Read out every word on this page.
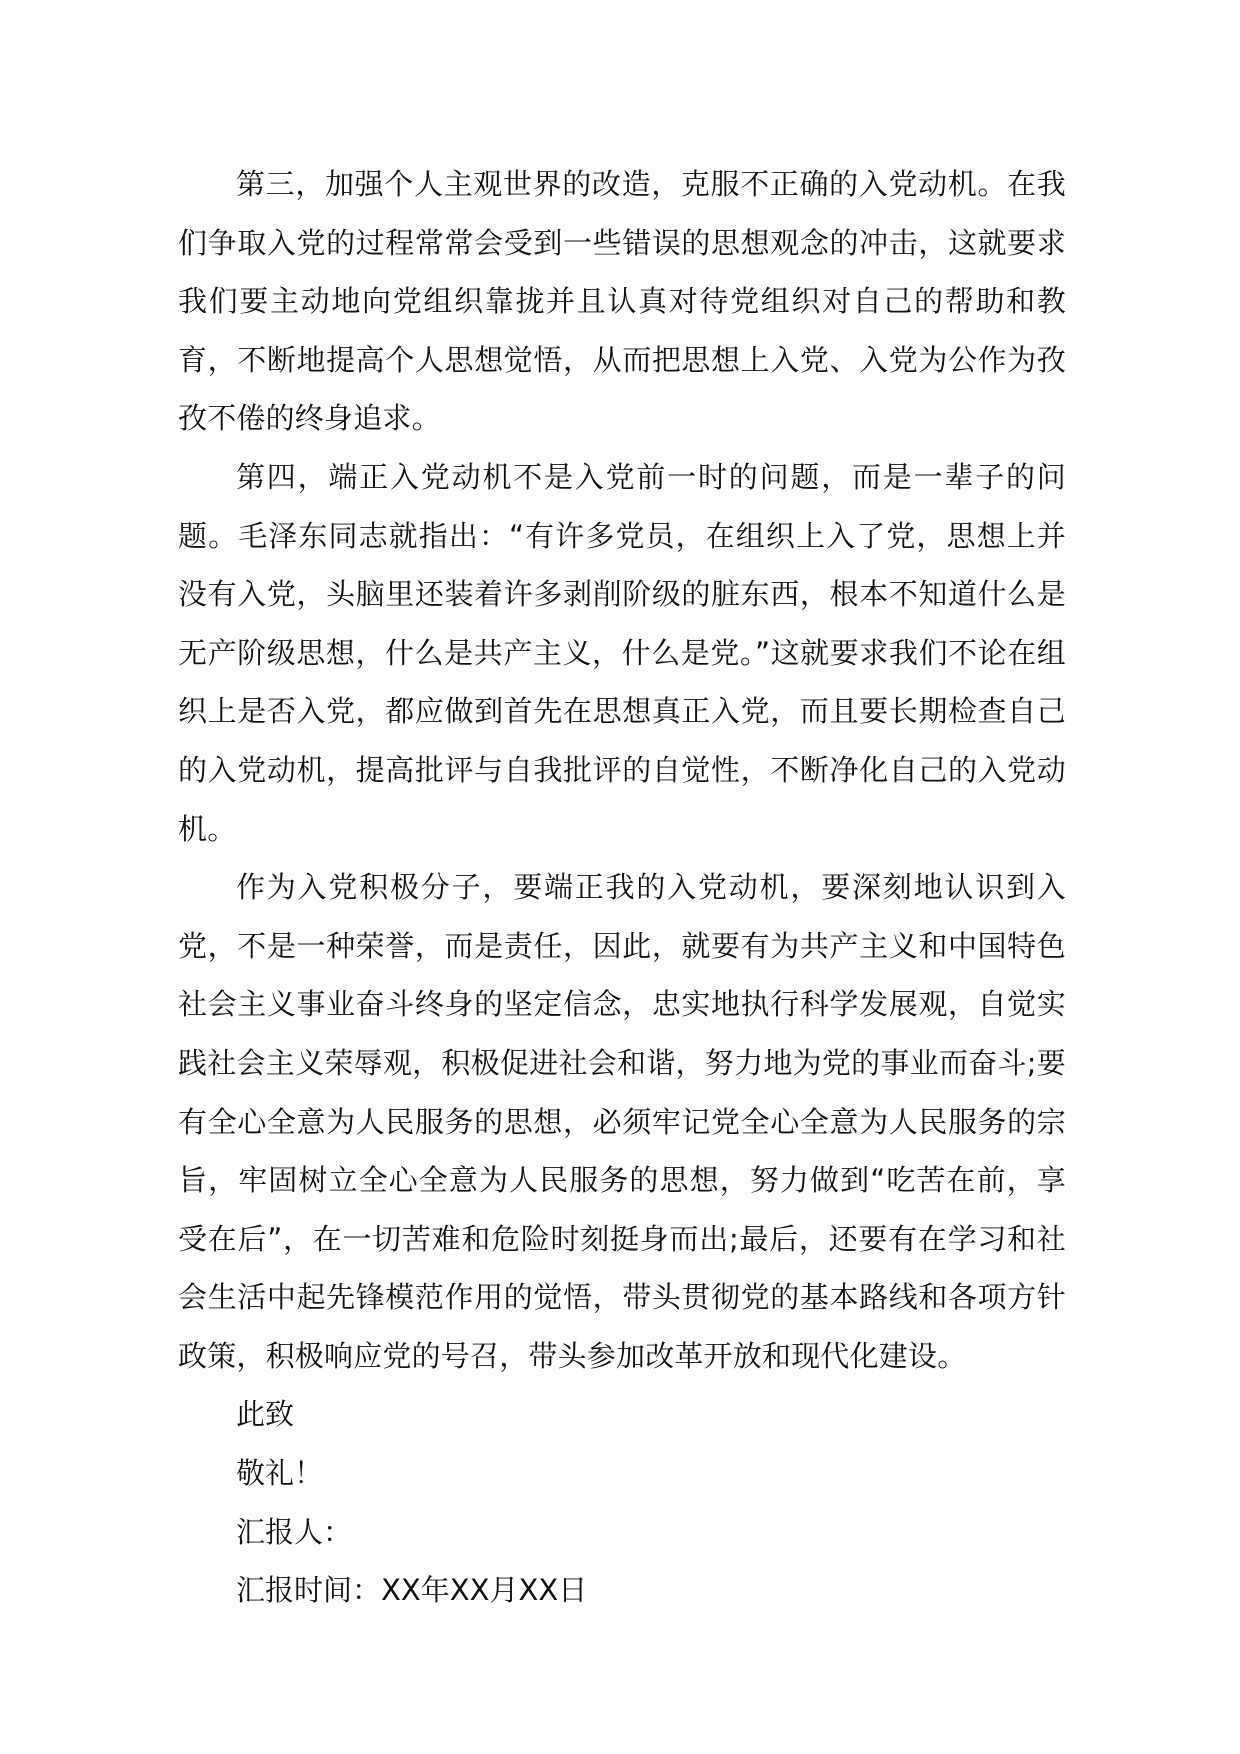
第三，加强个人主观世界的改造，克服不正确的入党动机。在我们争取入党的过程常常会受到一些错误的思想观念的冲击，这就要求我们要主动地向党组织靠拢并且认真对待党组织对自己的帮助和教育，不断地提高个人思想觉悟，从而把思想上入党、入党为公作为孜孜不倦的终身追求。

第四，端正入党动机不是入党前一时的问题，而是一辈子的问题。毛泽东同志就指出：“有许多党员，在组织上入了党，思想上并没有入党，头脑里还装着许多剥削阶级的脏东西，根本不知道什么是无产阶级思想，什么是共产主义，什么是党。”这就要求我们不论在组织上是否入党，都应做到首先在思想真正入党，而且要长期检查自己的入党动机，提高批评与自我批评的自觉性，不断净化自己的入党动机。

作为入党积极分子，要端正我的入党动机，要深刻地认识到入党，不是一种荣誉，而是责任，因此，就要有为共产主义和中国特色社会主义事业奋斗终身的坚定信念，忠实地执行科学发展观，自觉实践社会主义荣辱观，积极促进社会和谐，努力地为党的事业而奋斗;要有全心全意为人民服务的思想，必须牢记党全心全意为人民服务的宗旨，牢固树立全心全意为人民服务的思想，努力做到“吃苦在前，享受在后”，在一切苦难和危险时刻挺身而出;最后，还要有在学习和社会生活中起先锋模范作用的觉悟，带头贯彻党的基本路线和各项方针政策，积极响应党的号召，带头参加改革开放和现代化建设。

此致

敬礼！

汇报人：

汇报时间：XX年XX月XX日
